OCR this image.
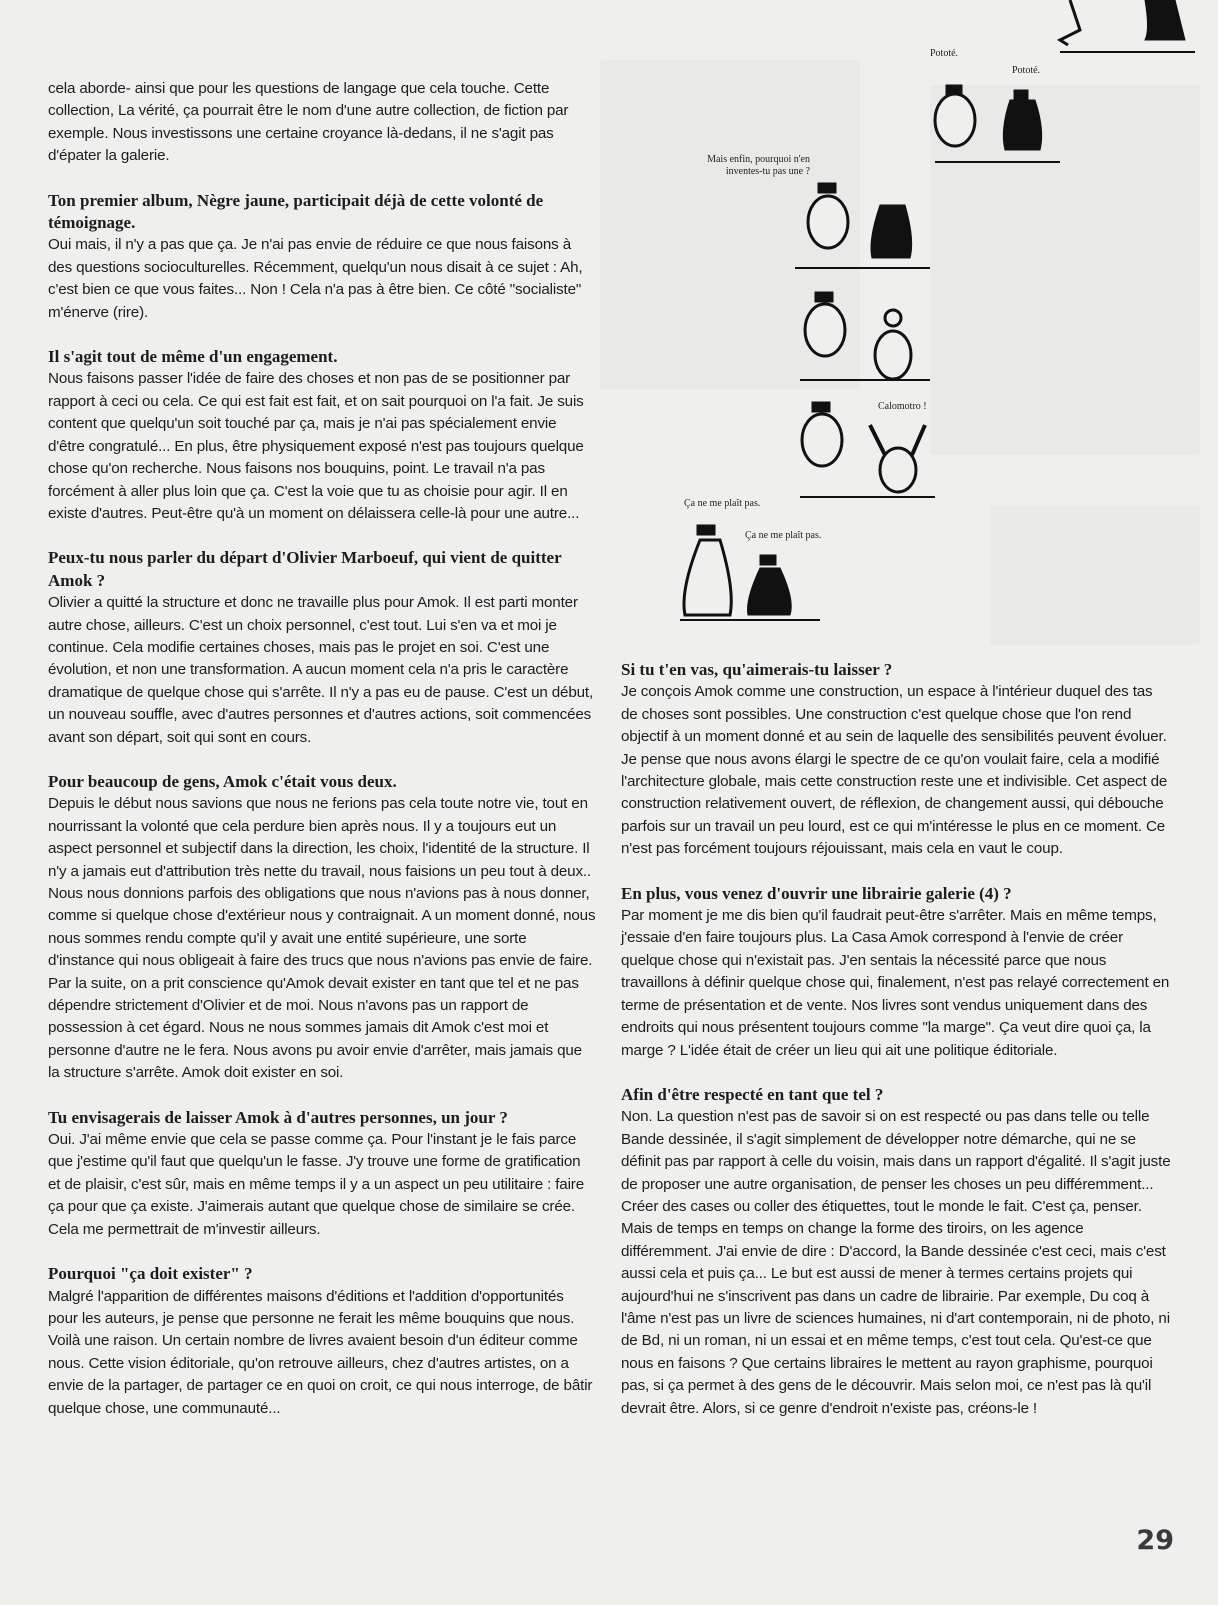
Pototé.
Pototé.
Mais enfin, pourquoi n'en inventes-tu pas une ?
Calomotro !
Ça ne me plaît pas.
Ça ne me plaît pas.

cela aborde- ainsi que pour les questions de langage que cela touche. Cette collection, La vérité, ça pourrait être le nom d'une autre collection, de fiction par exemple. Nous investissons une certaine croyance là-dedans, il ne s'agit pas d'épater la galerie.

Ton premier album, Nègre jaune, participait déjà de cette volonté de témoignage.

Oui mais, il n'y a pas que ça. Je n'ai pas envie de réduire ce que nous faisons à des questions socioculturelles. Récemment, quelqu'un nous disait à ce sujet : Ah, c'est bien ce que vous faites... Non ! Cela n'a pas à être bien. Ce côté "socialiste" m'énerve (rire).

Il s'agit tout de même d'un engagement.

Nous faisons passer l'idée de faire des choses et non pas de se positionner par rapport à ceci ou cela. Ce qui est fait est fait, et on sait pourquoi on l'a fait. Je suis content que quelqu'un soit touché par ça, mais je n'ai pas spécialement envie d'être congratulé... En plus, être physiquement exposé n'est pas toujours quelque chose qu'on recherche. Nous faisons nos bouquins, point. Le travail n'a pas forcément à aller plus loin que ça. C'est la voie que tu as choisie pour agir. Il en existe d'autres. Peut-être qu'à un moment on délaissera celle-là pour une autre...

Peux-tu nous parler du départ d'Olivier Marboeuf, qui vient de quitter Amok ?

Olivier a quitté la structure et donc ne travaille plus pour Amok. Il est parti monter autre chose, ailleurs. C'est un choix personnel, c'est tout. Lui s'en va et moi je continue. Cela modifie certaines choses, mais pas le projet en soi. C'est une évolution, et non une transformation. A aucun moment cela n'a pris le caractère dramatique de quelque chose qui s'arrête. Il n'y a pas eu de pause. C'est un début, un nouveau souffle, avec d'autres personnes et d'autres actions, soit commencées avant son départ, soit qui sont en cours.

Pour beaucoup de gens, Amok c'était vous deux.

Depuis le début nous savions que nous ne ferions pas cela toute notre vie, tout en nourrissant la volonté que cela perdure bien après nous. Il y a toujours eut un aspect personnel et subjectif dans la direction, les choix, l'identité de la structure. Il n'y a jamais eut d'attribution très nette du travail, nous faisions un peu tout à deux.. Nous nous donnions parfois des obligations que nous n'avions pas à nous donner, comme si quelque chose d'extérieur nous y contraignait. A un moment donné, nous nous sommes rendu compte qu'il y avait une entité supérieure, une sorte d'instance qui nous obligeait à faire des trucs que nous n'avions pas envie de faire. Par la suite, on a prit conscience qu'Amok devait exister en tant que tel et ne pas dépendre strictement d'Olivier et de moi. Nous n'avons pas un rapport de possession à cet égard. Nous ne nous sommes jamais dit Amok c'est moi et personne d'autre ne le fera. Nous avons pu avoir envie d'arrêter, mais jamais que la structure s'arrête. Amok doit exister en soi.

Tu envisagerais de laisser Amok à d'autres personnes, un jour ?

Oui. J'ai même envie que cela se passe comme ça. Pour l'instant je le fais parce que j'estime qu'il faut que quelqu'un le fasse. J'y trouve une forme de gratification et de plaisir, c'est sûr, mais en même temps il y a un aspect un peu utilitaire : faire ça pour que ça existe. J'aimerais autant que quelque chose de similaire se crée. Cela me permettrait de m'investir ailleurs.

Pourquoi "ça doit exister" ?

Malgré l'apparition de différentes maisons d'éditions et l'addition d'opportunités pour les auteurs, je pense que personne ne ferait les même bouquins que nous. Voilà une raison. Un certain nombre de livres avaient besoin d'un éditeur comme nous. Cette vision éditoriale, qu'on retrouve ailleurs, chez d'autres artistes, on a envie de la partager, de partager ce en quoi on croit, ce qui nous interroge, de bâtir quelque chose, une communauté...

Si tu t'en vas, qu'aimerais-tu laisser ?

Je conçois Amok comme une construction, un espace à l'intérieur duquel des tas de choses sont possibles. Une construction c'est quelque chose que l'on rend objectif à un moment donné et au sein de laquelle des sensibilités peuvent évoluer. Je pense que nous avons élargi le spectre de ce qu'on voulait faire, cela a modifié l'architecture globale, mais cette construction reste une et indivisible. Cet aspect de construction relativement ouvert, de réflexion, de changement aussi, qui débouche parfois sur un travail un peu lourd, est ce qui m'intéresse le plus en ce moment. Ce n'est pas forcément toujours réjouissant, mais cela en vaut le coup.

En plus, vous venez d'ouvrir une librairie galerie (4) ?

Par moment je me dis bien qu'il faudrait peut-être s'arrêter. Mais en même temps, j'essaie d'en faire toujours plus. La Casa Amok correspond à l'envie de créer quelque chose qui n'existait pas. J'en sentais la nécessité parce que nous travaillons à définir quelque chose qui, finalement, n'est pas relayé correctement en terme de présentation et de vente. Nos livres sont vendus uniquement dans des endroits qui nous présentent toujours comme "la marge". Ça veut dire quoi ça, la marge ? L'idée était de créer un lieu qui ait une politique éditoriale.

Afin d'être respecté en tant que tel ?

Non. La question n'est pas de savoir si on est respecté ou pas dans telle ou telle Bande dessinée, il s'agit simplement de développer notre démarche, qui ne se définit pas par rapport à celle du voisin, mais dans un rapport d'égalité. Il s'agit juste de proposer une autre organisation, de penser les choses un peu différemment... Créer des cases ou coller des étiquettes, tout le monde le fait. C'est ça, penser. Mais de temps en temps on change la forme des tiroirs, on les agence différemment. J'ai envie de dire : D'accord, la Bande dessinée c'est ceci, mais c'est aussi cela et puis ça... Le but est aussi de mener à termes certains projets qui aujourd'hui ne s'inscrivent pas dans un cadre de librairie. Par exemple, Du coq à l'âme n'est pas un livre de sciences humaines, ni d'art contemporain, ni de photo, ni de Bd, ni un roman, ni un essai et en même temps, c'est tout cela. Qu'est-ce que nous en faisons ? Que certains libraires le mettent au rayon graphisme, pourquoi pas, si ça permet à des gens de le découvrir. Mais selon moi, ce n'est pas là qu'il devrait être. Alors, si ce genre d'endroit n'existe pas, créons-le !

29
